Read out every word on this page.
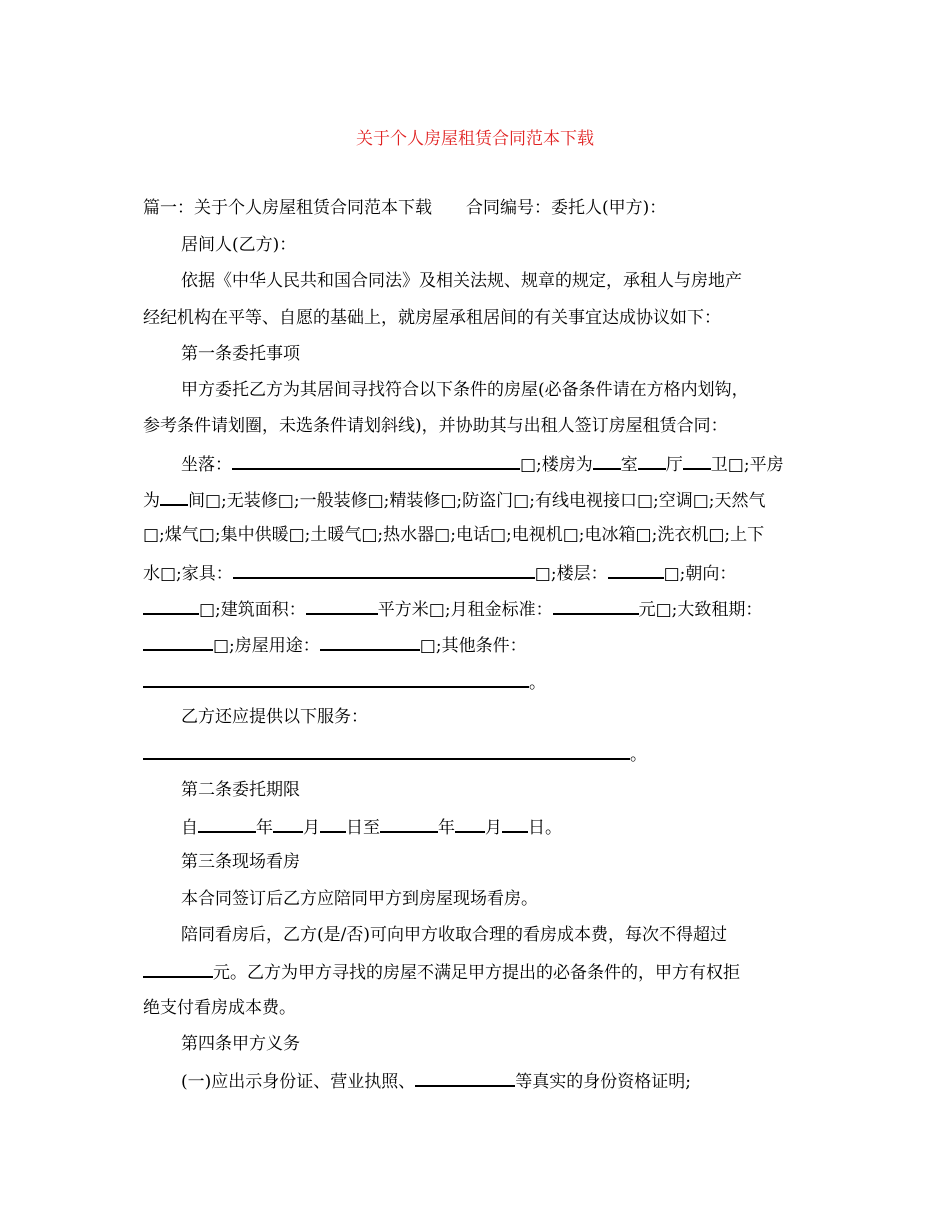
关于个人房屋租赁合同范本下载
篇一：关于个人房屋租赁合同范本下载 合同编号：委托人(甲方)：
居间人(乙方)：
依据《中华人民共和国合同法》及相关法规、规章的规定，承租人与房地产
经纪机构在平等、自愿的基础上，就房屋承租居间的有关事宜达成协议如下：
第一条委托事项
甲方委托乙方为其居间寻找符合以下条件的房屋(必备条件请在方格内划钩，
参考条件请划圈，未选条件请划斜线)，并协助其与出租人签订房屋租赁合同：
坐落：	□;楼房为 室 厅 卫□;平房
为 间□;无装修□;一般装修□;精装修□;防盗门□;有线电视接口□;空调□;天然气
□;煤气□;集中供暖□;土暖气□;热水器□;电话□;电视机□;电冰箱□;洗衣机□;上下
水□;家具：	□;楼层：	□;朝向：
□;建筑面积：	平方米□;月租金标准：	元□;大致租期：
□;房屋用途：	□;其他条件：
。
乙方还应提供以下服务：
。
第二条委托期限
自	年 月 日至	年 月 日。
第三条现场看房
本合同签订后乙方应陪同甲方到房屋现场看房。
陪同看房后，乙方(是/否)可向甲方收取合理的看房成本费，每次不得超过
元。乙方为甲方寻找的房屋不满足甲方提出的必备条件的，甲方有权拒
绝支付看房成本费。
第四条甲方义务
(一)应出示身份证、营业执照、	等真实的身份资格证明;
